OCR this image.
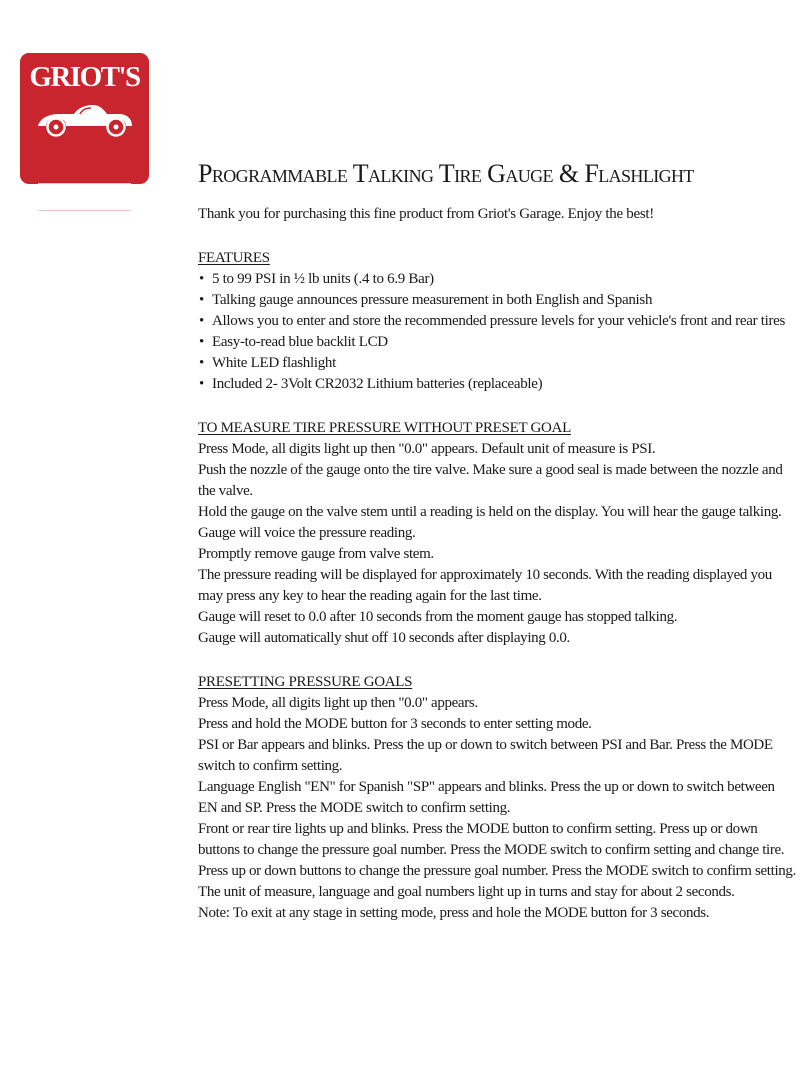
GRIOT'S
GARAGE
Products for your garage
Programmable Talking Tire Gauge & Flashlight

Thank you for purchasing this fine product from Griot's Garage. Enjoy the best!

FEATURES
• 5 to 99 PSI in ½ lb units (.4 to 6.9 Bar)
• Talking gauge announces pressure measurement in both English and Spanish
• Allows you to enter and store the recommended pressure levels for your vehicle's front and rear tires
• Easy-to-read blue backlit LCD
• White LED flashlight
• Included 2- 3Volt CR2032 Lithium batteries (replaceable)
TO MEASURE TIRE PRESSURE WITHOUT PRESET GOAL

Press Mode, all digits light up then "0.0" appears. Default unit of measure is PSI.

Push the nozzle of the gauge onto the tire valve. Make sure a good seal is made between the nozzle and the valve.

Hold the gauge on the valve stem until a reading is held on the display. You will hear the gauge talking. Gauge will voice the pressure reading.

Promptly remove gauge from valve stem.

The pressure reading will be displayed for approximately 10 seconds. With the reading displayed you may press any key to hear the reading again for the last time.

Gauge will reset to 0.0 after 10 seconds from the moment gauge has stopped talking.

Gauge will automatically shut off 10 seconds after displaying 0.0.

PRESETTING PRESSURE GOALS

Press Mode, all digits light up then "0.0" appears.

Press and hold the MODE button for 3 seconds to enter setting mode.

PSI or Bar appears and blinks. Press the up or down to switch between PSI and Bar. Press the MODE switch to confirm setting.

Language English "EN" for Spanish "SP" appears and blinks. Press the up or down to switch between EN and SP. Press the MODE switch to confirm setting.

Front or rear tire lights up and blinks. Press the MODE button to confirm setting. Press up or down buttons to change the pressure goal number. Press the MODE switch to confirm setting and change tire. Press up or down buttons to change the pressure goal number. Press the MODE switch to confirm setting.

The unit of measure, language and goal numbers light up in turns and stay for about 2 seconds.

Note: To exit at any stage in setting mode, press and hole the MODE button for 3 seconds.
